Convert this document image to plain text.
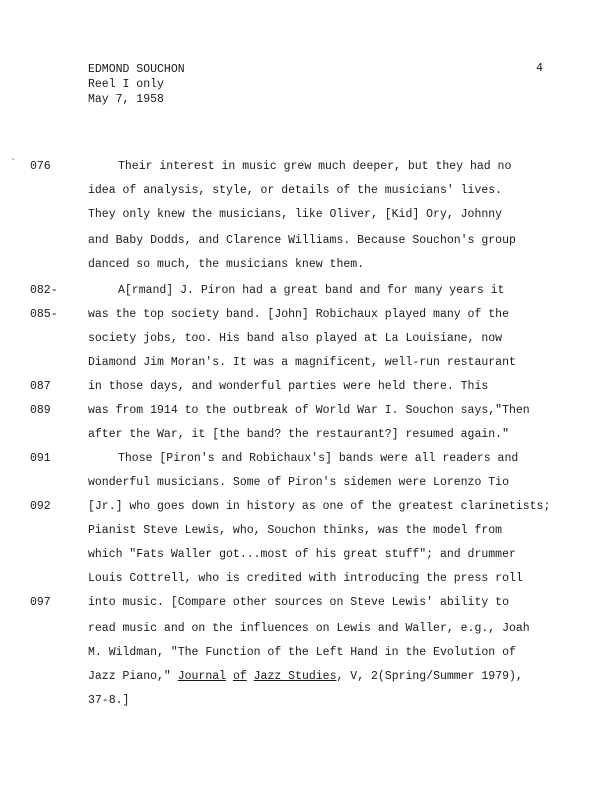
EDMOND SOUCHON
Reel I only
May 7, 1958
4
ˎ
076
082-
085-
087
089
091
092
097
Their interest in music grew much deeper, but they had no
idea of analysis, style, or details of the musicians' lives.
They only knew the musicians, like Oliver, [Kid] Ory, Johnny
and Baby Dodds, and Clarence Williams. Because Souchon's group
danced so much, the musicians knew them.
A[rmand] J. Piron had a great band and for many years it
was the top society band. [John] Robichaux played many of the
society jobs, too. His band also played at La Louisiane, now
Diamond Jim Moran's. It was a magnificent, well-run restaurant
in those days, and wonderful parties were held there. This
was from 1914 to the outbreak of World War I. Souchon says,"Then
after the War, it [the band? the restaurant?] resumed again."
Those [Piron's and Robichaux's] bands were all readers and
wonderful musicians. Some of Piron's sidemen were Lorenzo Tio
[Jr.] who goes down in history as one of the greatest clarinetists;
Pianist Steve Lewis, who, Souchon thinks, was the model from
which "Fats Waller got...most of his great stuff"; and drummer
Louis Cottrell, who is credited with introducing the press roll
into music. [Compare other sources on Steve Lewis' ability to
read music and on the influences on Lewis and Waller, e.g., Joah
M. Wildman, "The Function of the Left Hand in the Evolution of
Jazz Piano," Journal of Jazz Studies, V, 2(Spring/Summer 1979),
37-8.]
